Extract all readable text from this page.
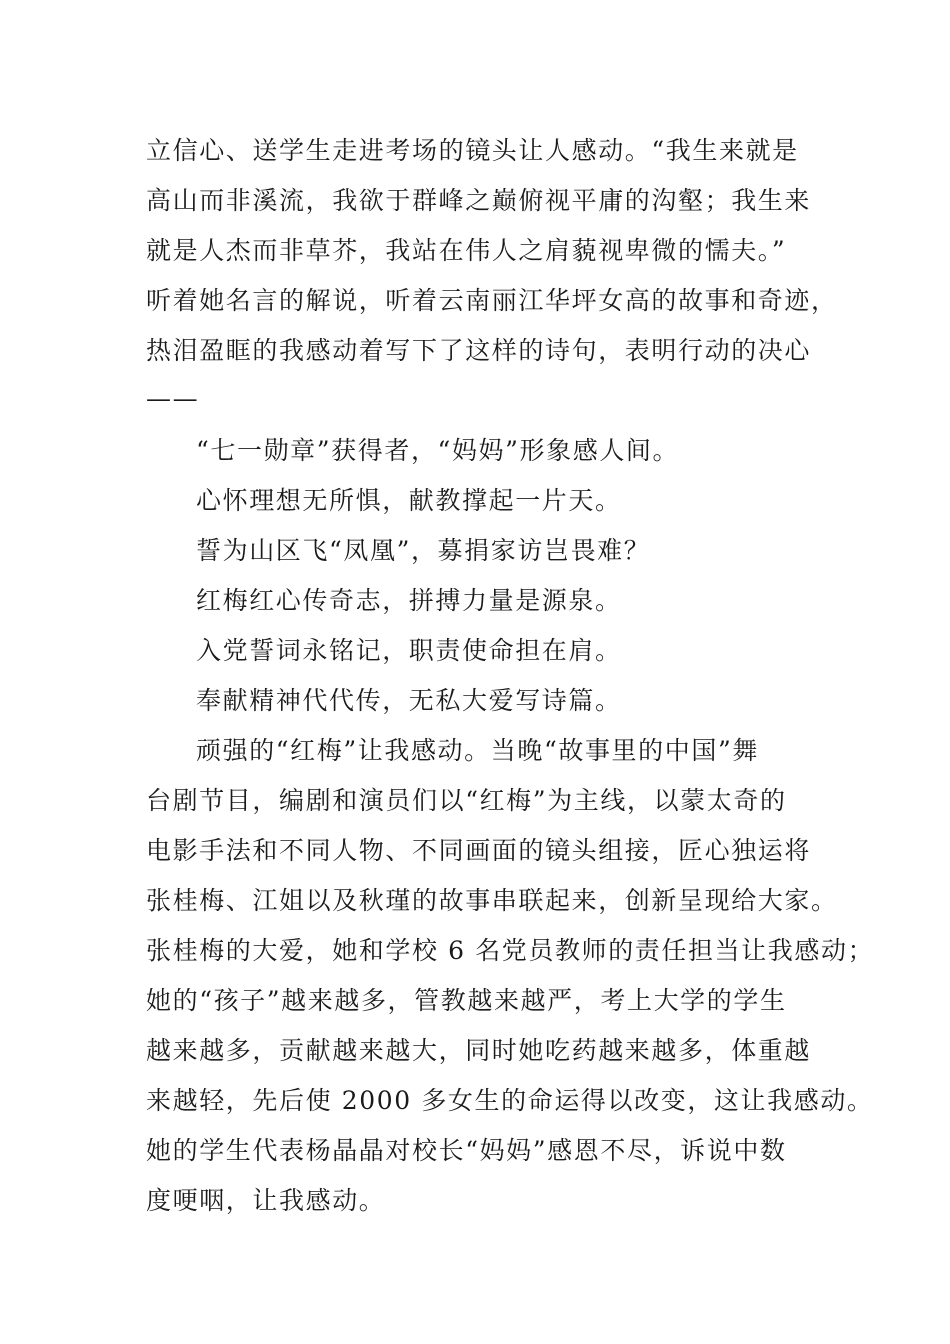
立信心、送学生走进考场的镜头让人感动。“我生来就是
高山而非溪流，我欲于群峰之巅俯视平庸的沟壑；我生来
就是人杰而非草芥，我站在伟人之肩藐视卑微的懦夫。”
听着她名言的解说，听着云南丽江华坪女高的故事和奇迹，
热泪盈眶的我感动着写下了这样的诗句，表明行动的决心
——
“七一勋章”获得者，“妈妈”形象感人间。
心怀理想无所惧，献教撑起一片天。
誓为山区飞“凤凰”，募捐家访岂畏难？
红梅红心传奇志，拼搏力量是源泉。
入党誓词永铭记，职责使命担在肩。
奉献精神代代传，无私大爱写诗篇。
顽强的“红梅”让我感动。当晚“故事里的中国”舞
台剧节目，编剧和演员们以“红梅”为主线，以蒙太奇的
电影手法和不同人物、不同画面的镜头组接，匠心独运将
张桂梅、江姐以及秋瑾的故事串联起来，创新呈现给大家。
张桂梅的大爱，她和学校 6 名党员教师的责任担当让我感动；
她的“孩子”越来越多，管教越来越严，考上大学的学生
越来越多，贡献越来越大，同时她吃药越来越多，体重越
来越轻，先后使 2000 多女生的命运得以改变，这让我感动。
她的学生代表杨晶晶对校长“妈妈”感恩不尽，诉说中数
度哽咽，让我感动。
